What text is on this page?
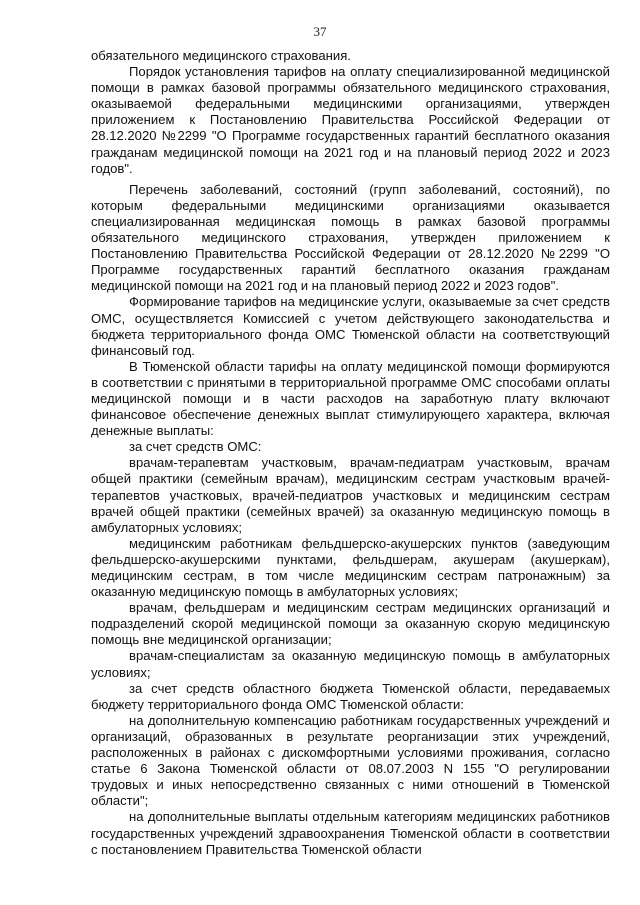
37

обязательного медицинского страхования.

Порядок установления тарифов на оплату специализированной медицинской помощи в рамках базовой программы обязательного медицинского страхования, оказываемой федеральными медицинскими организациями, утвержден приложением к Постановлению Правительства Российской Федерации от 28.12.2020 №2299 "О Программе государственных гарантий бесплатного оказания гражданам медицинской помощи на 2021 год и на плановый период 2022 и 2023 годов".

Перечень заболеваний, состояний (групп заболеваний, состояний), по которым федеральными медицинскими организациями оказывается специализированная медицинская помощь в рамках базовой программы обязательного медицинского страхования, утвержден приложением к Постановлению Правительства Российской Федерации от 28.12.2020 №2299 "О Программе государственных гарантий бесплатного оказания гражданам медицинской помощи на 2021 год и на плановый период 2022 и 2023 годов".

Формирование тарифов на медицинские услуги, оказываемые за счет средств ОМС, осуществляется Комиссией с учетом действующего законодательства и бюджета территориального фонда ОМС Тюменской области на соответствующий финансовый год.

В Тюменской области тарифы на оплату медицинской помощи формируются в соответствии с принятыми в территориальной программе ОМС способами оплаты медицинской помощи и в части расходов на заработную плату включают финансовое обеспечение денежных выплат стимулирующего характера, включая денежные выплаты:

за счет средств ОМС:

врачам-терапевтам участковым, врачам-педиатрам участковым, врачам общей практики (семейным врачам), медицинским сестрам участковым врачей-терапевтов участковых, врачей-педиатров участковых и медицинским сестрам врачей общей практики (семейных врачей) за оказанную медицинскую помощь в амбулаторных условиях;

медицинским работникам фельдшерско-акушерских пунктов (заведующим фельдшерско-акушерскими пунктами, фельдшерам, акушерам (акушеркам), медицинским сестрам, в том числе медицинским сестрам патронажным) за оказанную медицинскую помощь в амбулаторных условиях;

врачам, фельдшерам и медицинским сестрам медицинских организаций и подразделений скорой медицинской помощи за оказанную скорую медицинскую помощь вне медицинской организации;

врачам-специалистам за оказанную медицинскую помощь в амбулаторных условиях;

за счет средств областного бюджета Тюменской области, передаваемых бюджету территориального фонда ОМС Тюменской области:

на дополнительную компенсацию работникам государственных учреждений и организаций, образованных в результате реорганизации этих учреждений, расположенных в районах с дискомфортными условиями проживания, согласно статье 6 Закона Тюменской области от 08.07.2003 N 155 "О регулировании трудовых и иных непосредственно связанных с ними отношений в Тюменской области";

на дополнительные выплаты отдельным категориям медицинских работников государственных учреждений здравоохранения Тюменской области в соответствии с постановлением Правительства Тюменской области
